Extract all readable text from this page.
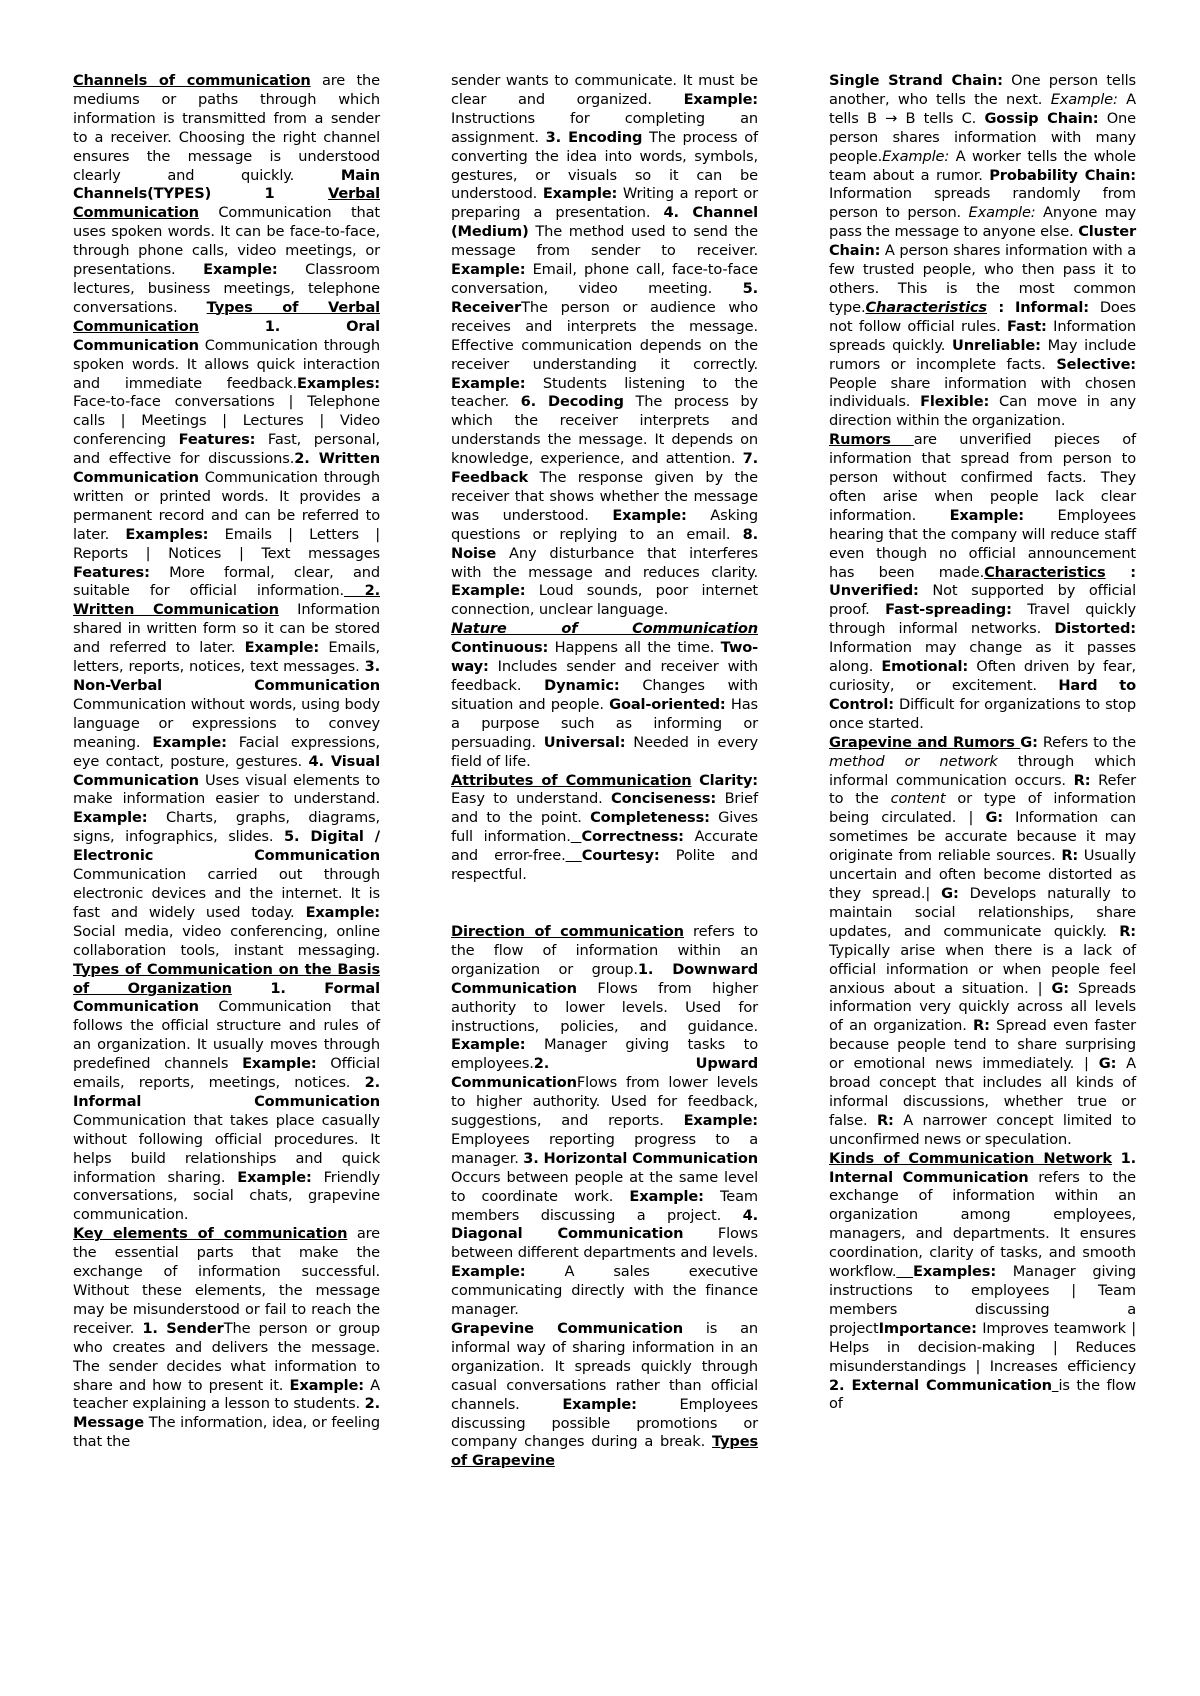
Channels of communication are the mediums or paths through which information is transmitted from a sender to a receiver. Choosing the right channel ensures the message is understood clearly and quickly. Main Channels(TYPES) 1 Verbal Communication Communication that uses spoken words. It can be face-to-face, through phone calls, video meetings, or presentations. Example: Classroom lectures, business meetings, telephone conversations. Types of Verbal Communication 1. Oral Communication Communication through spoken words. It allows quick interaction and immediate feedback.Examples: Face-to-face conversations | Telephone calls | Meetings | Lectures | Video conferencing Features: Fast, personal, and effective for discussions.2. Written Communication Communication through written or printed words. It provides a permanent record and can be referred to later. Examples: Emails | Letters | Reports | Notices | Text messages Features: More formal, clear, and suitable for official information. 2. Written Communication Information shared in written form so it can be stored and referred to later. Example: Emails, letters, reports, notices, text messages. 3. Non-Verbal Communication Communication without words, using body language or expressions to convey meaning. Example: Facial expressions, eye contact, posture, gestures. 4. Visual Communication Uses visual elements to make information easier to understand. Example: Charts, graphs, diagrams, signs, infographics, slides. 5. Digital / Electronic Communication Communication carried out through electronic devices and the internet. It is fast and widely used today. Example: Social media, video conferencing, online collaboration tools, instant messaging. Types of Communication on the Basis of Organization 1. Formal Communication Communication that follows the official structure and rules of an organization. It usually moves through predefined channels Example: Official emails, reports, meetings, notices. 2. Informal Communication Communication that takes place casually without following official procedures. It helps build relationships and quick information sharing. Example: Friendly conversations, social chats, grapevine communication.
Key elements of communication are the essential parts that make the exchange of information successful. Without these elements, the message may be misunderstood or fail to reach the receiver. 1. SenderThe person or group who creates and delivers the message. The sender decides what information to share and how to present it. Example: A teacher explaining a lesson to students. 2. Message The information, idea, or feeling that the
sender wants to communicate. It must be clear and organized. Example: Instructions for completing an assignment. 3. Encoding The process of converting the idea into words, symbols, gestures, or visuals so it can be understood. Example: Writing a report or preparing a presentation. 4. Channel (Medium) The method used to send the message from sender to receiver. Example: Email, phone call, face-to-face conversation, video meeting. 5. ReceiverThe person or audience who receives and interprets the message. Effective communication depends on the receiver understanding it correctly. Example: Students listening to the teacher. 6. Decoding The process by which the receiver interprets and understands the message. It depends on knowledge, experience, and attention. 7. Feedback The response given by the receiver that shows whether the message was understood. Example: Asking questions or replying to an email. 8. Noise Any disturbance that interferes with the message and reduces clarity. Example: Loud sounds, poor internet connection, unclear language.
Nature of Communication Continuous: Happens all the time. Two-way: Includes sender and receiver with feedback. Dynamic: Changes with situation and people. Goal-oriented: Has a purpose such as informing or persuading. Universal: Needed in every field of life.
Attributes of Communication Clarity: Easy to understand. Conciseness: Brief and to the point. Completeness: Gives full information. Correctness: Accurate and error-free. Courtesy: Polite and respectful.
Direction of communication refers to the flow of information within an organization or group.1. Downward Communication Flows from higher authority to lower levels. Used for instructions, policies, and guidance. Example: Manager giving tasks to employees.2. Upward CommunicationFlows from lower levels to higher authority. Used for feedback, suggestions, and reports. Example: Employees reporting progress to a manager. 3. Horizontal Communication Occurs between people at the same level to coordinate work. Example: Team members discussing a project. 4. Diagonal Communication Flows between different departments and levels. Example: A sales executive communicating directly with the finance manager.
Grapevine Communication is an informal way of sharing information in an organization. It spreads quickly through casual conversations rather than official channels. Example: Employees discussing possible promotions or company changes during a break. Types of Grapevine
Single Strand Chain: One person tells another, who tells the next. Example: A tells B → B tells C. Gossip Chain: One person shares information with many people.Example: A worker tells the whole team about a rumor. Probability Chain: Information spreads randomly from person to person. Example: Anyone may pass the message to anyone else. Cluster Chain: A person shares information with a few trusted people, who then pass it to others. This is the most common type.Characteristics : Informal: Does not follow official rules. Fast: Information spreads quickly. Unreliable: May include rumors or incomplete facts. Selective: People share information with chosen individuals. Flexible: Can move in any direction within the organization.
Rumors are unverified pieces of information that spread from person to person without confirmed facts. They often arise when people lack clear information. Example: Employees hearing that the company will reduce staff even though no official announcement has been made.Characteristics : Unverified: Not supported by official proof. Fast-spreading: Travel quickly through informal networks. Distorted: Information may change as it passes along. Emotional: Often driven by fear, curiosity, or excitement. Hard to Control: Difficult for organizations to stop once started.
Grapevine and Rumors G: Refers to the method or network through which informal communication occurs. R: Refer to the content or type of information being circulated. | G: Information can sometimes be accurate because it may originate from reliable sources. R: Usually uncertain and often become distorted as they spread.| G: Develops naturally to maintain social relationships, share updates, and communicate quickly. R: Typically arise when there is a lack of official information or when people feel anxious about a situation. | G: Spreads information very quickly across all levels of an organization. R: Spread even faster because people tend to share surprising or emotional news immediately. | G: A broad concept that includes all kinds of informal discussions, whether true or false. R: A narrower concept limited to unconfirmed news or speculation.
Kinds of Communication Network 1. Internal Communication refers to the exchange of information within an organization among employees, managers, and departments. It ensures coordination, clarity of tasks, and smooth workflow. Examples: Manager giving instructions to employees | Team members discussing a projectImportance: Improves teamwork | Helps in decision-making | Reduces misunderstandings | Increases efficiency 2. External Communication is the flow of
